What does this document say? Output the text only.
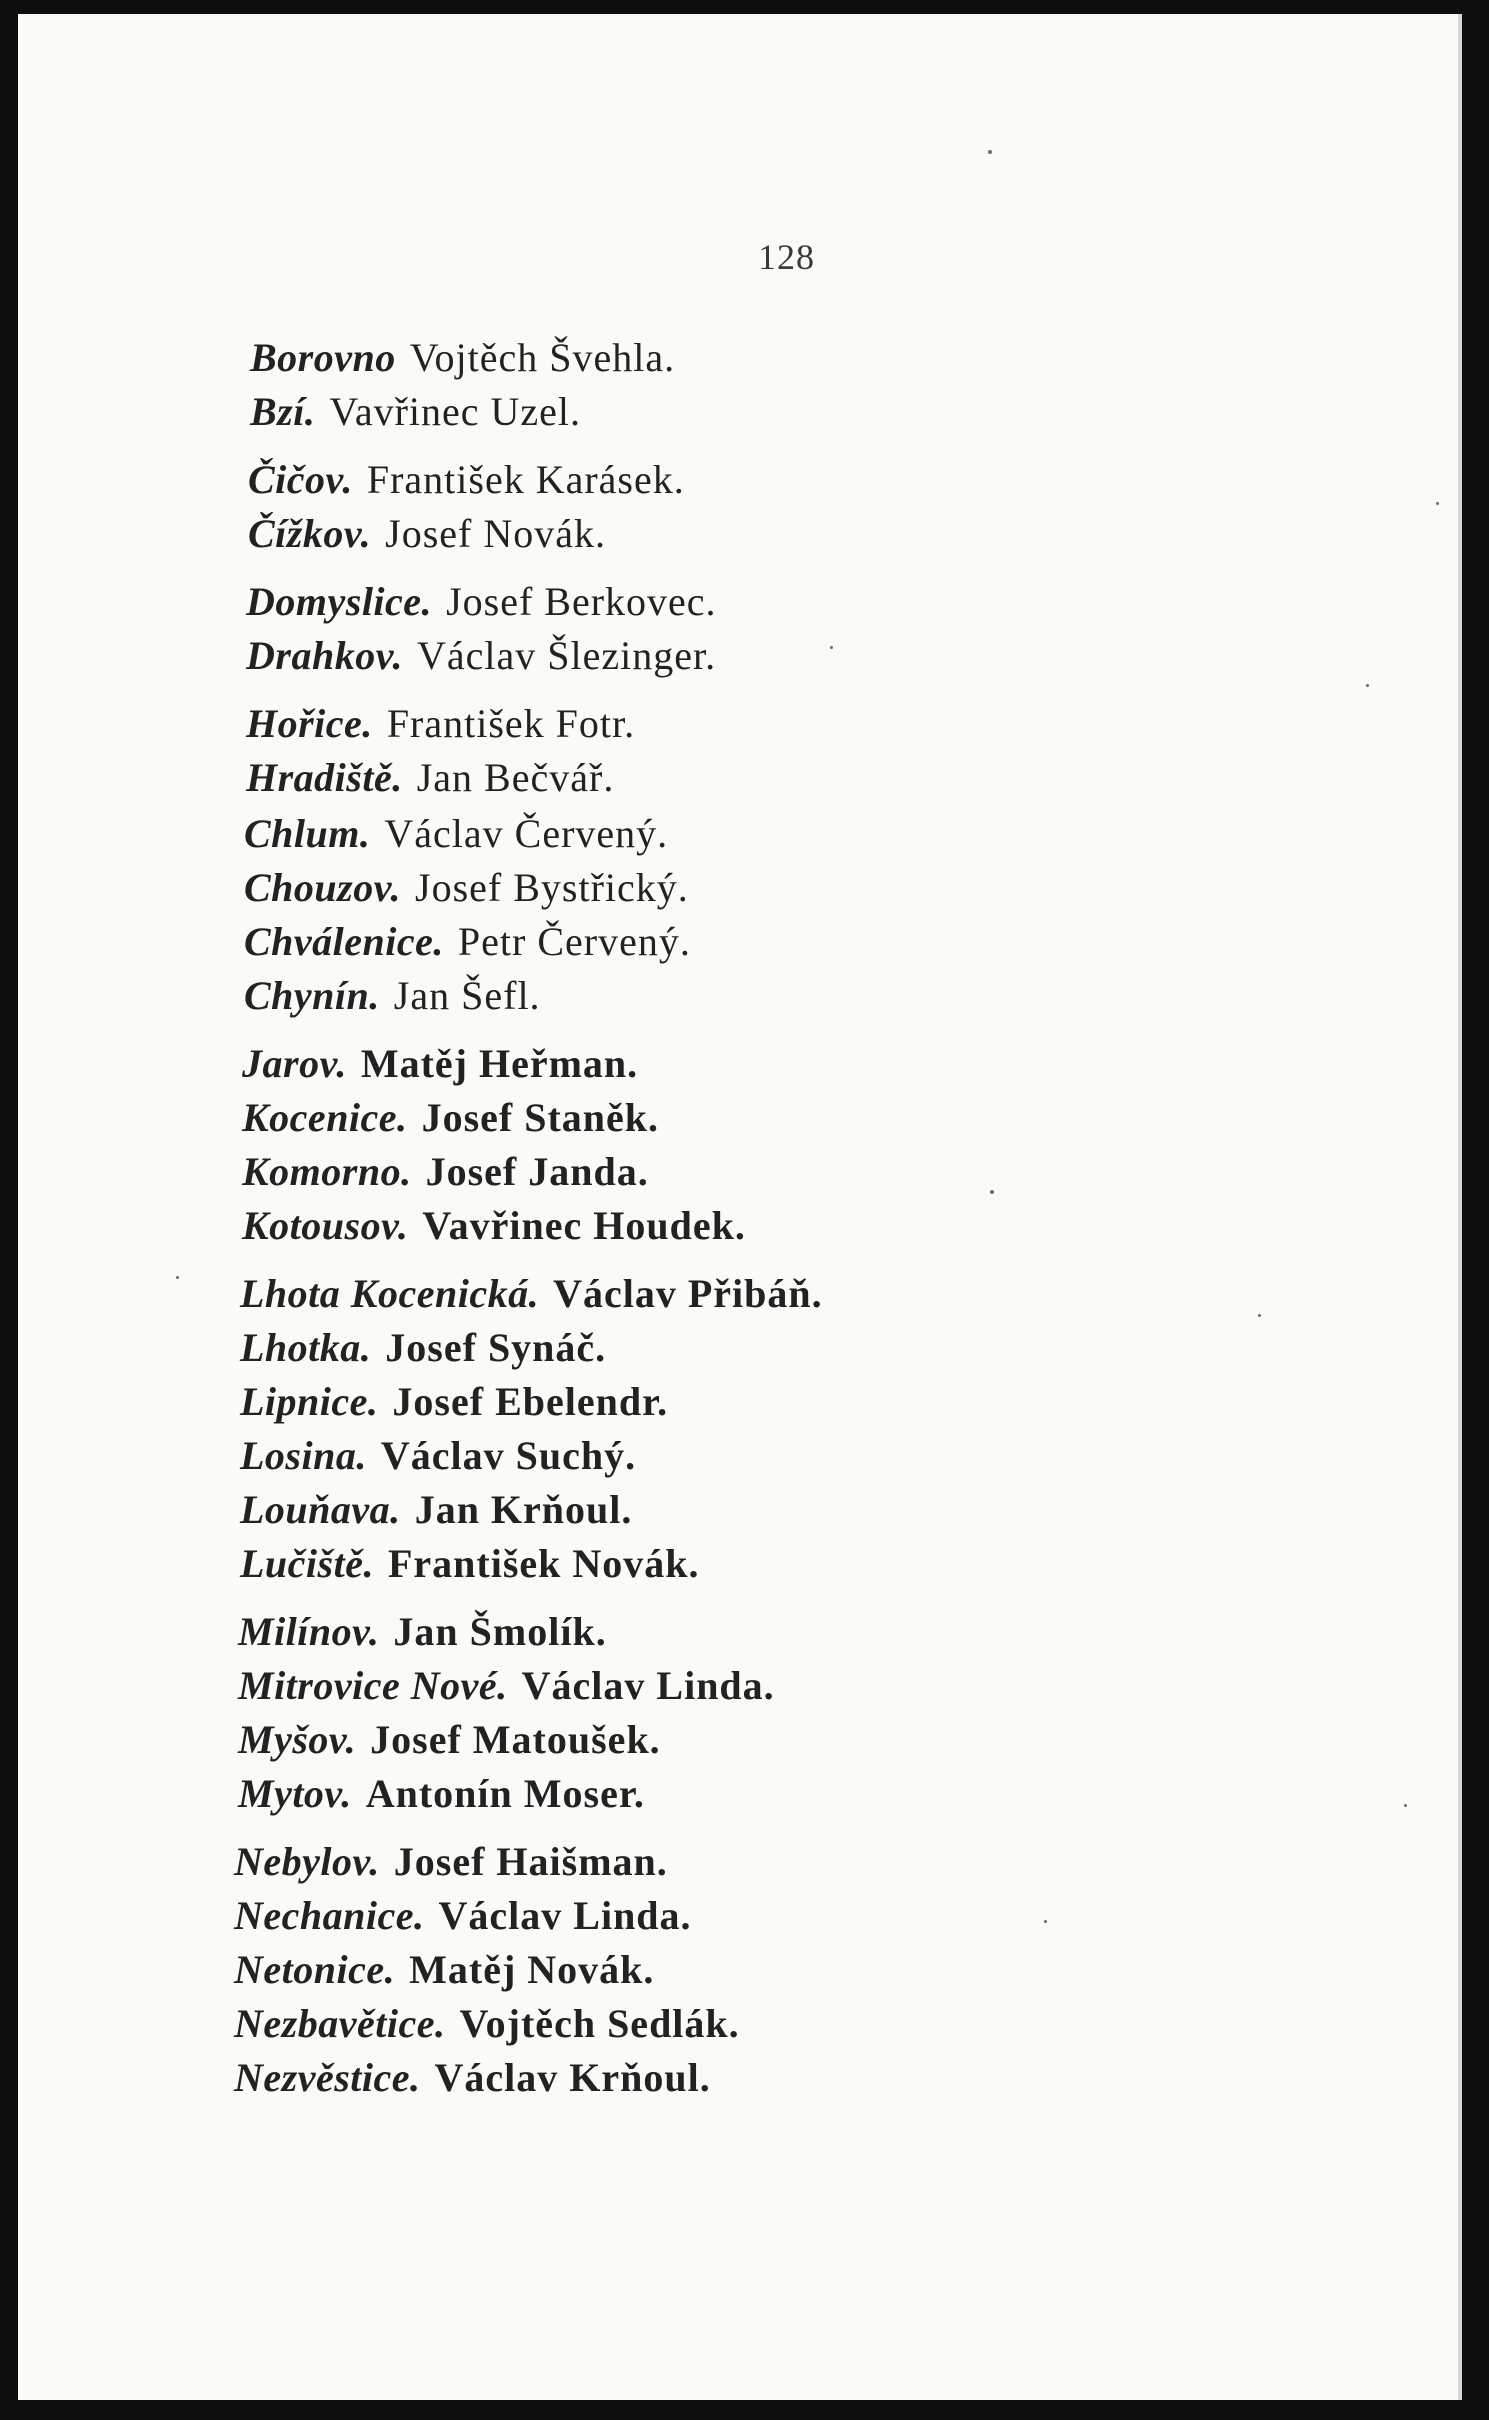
128
Borovno Vojtěch Švehla.
Bzí. Vavřinec Uzel.
Čičov. František Karásek.
Čížkov. Josef Novák.
Domyslice. Josef Berkovec.
Drahkov. Václav Šlezinger.
Hořice. František Fotr.
Hradiště. Jan Bečvář.
Chlum. Václav Červený.
Chouzov. Josef Bystřický.
Chválenice. Petr Červený.
Chynín. Jan Šefl.
Jarov. Matěj Heřman.
Kocenice. Josef Staněk.
Komorno. Josef Janda.
Kotousov. Vavřinec Houdek.
Lhota Kocenická. Václav Přibáň.
Lhotka. Josef Synáč.
Lipnice. Josef Ebelendr.
Losina. Václav Suchý.
Louňava. Jan Krňoul.
Lučiště. František Novák.
Milínov. Jan Šmolík.
Mitrovice Nové. Václav Linda.
Myšov. Josef Matoušek.
Mytov. Antonín Moser.
Nebylov. Josef Haišman.
Nechanice. Václav Linda.
Netonice. Matěj Novák.
Nezbavětice. Vojtěch Sedlák.
Nezvěstice. Václav Krňoul.
